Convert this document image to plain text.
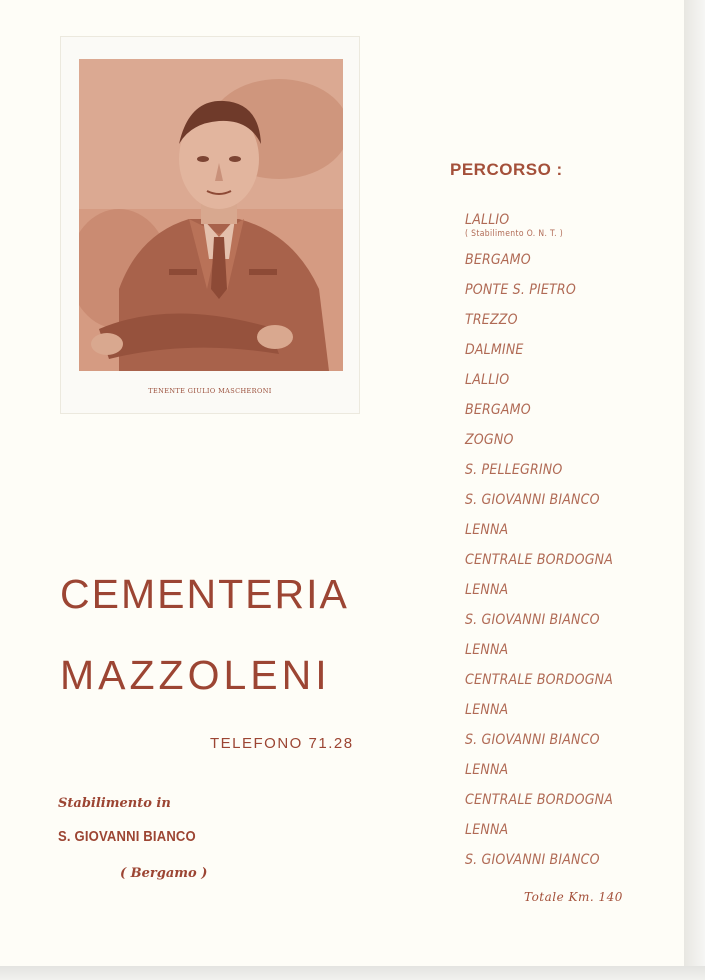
TENENTE GIULIO MASCHERONI
CEMENTERIA
MAZZOLENI
TELEFONO 71.28
Stabilimento in
S. GIOVANNI BIANCO
( Bergamo )
PERCORSO :
LALLIO
( Stabilimento O. N. T. )
BERGAMO
PONTE S. PIETRO
TREZZO
DALMINE
LALLIO
BERGAMO
ZOGNO
S. PELLEGRINO
S. GIOVANNI BIANCO
LENNA
CENTRALE BORDOGNA
LENNA
S. GIOVANNI BIANCO
LENNA
CENTRALE BORDOGNA
LENNA
S. GIOVANNI BIANCO
LENNA
CENTRALE BORDOGNA
LENNA
S. GIOVANNI BIANCO
Totale Km. 140
